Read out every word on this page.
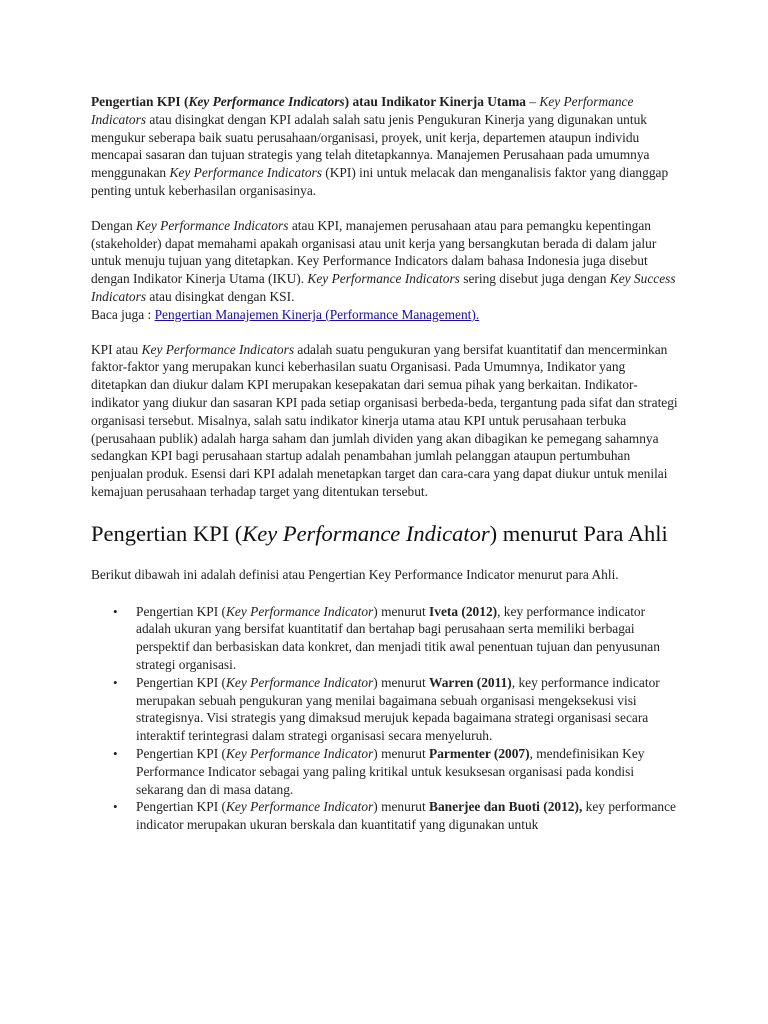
Pengertian KPI (Key Performance Indicators) atau Indikator Kinerja Utama – Key Performance Indicators atau disingkat dengan KPI adalah salah satu jenis Pengukuran Kinerja yang digunakan untuk mengukur seberapa baik suatu perusahaan/organisasi, proyek, unit kerja, departemen ataupun individu mencapai sasaran dan tujuan strategis yang telah ditetapkannya. Manajemen Perusahaan pada umumnya menggunakan Key Performance Indicators (KPI) ini untuk melacak dan menganalisis faktor yang dianggap penting untuk keberhasilan organisasinya.

Dengan Key Performance Indicators atau KPI, manajemen perusahaan atau para pemangku kepentingan (stakeholder) dapat memahami apakah organisasi atau unit kerja yang bersangkutan berada di dalam jalur untuk menuju tujuan yang ditetapkan. Key Performance Indicators dalam bahasa Indonesia juga disebut dengan Indikator Kinerja Utama (IKU). Key Performance Indicators sering disebut juga dengan Key Success Indicators atau disingkat dengan KSI.
Baca juga : Pengertian Manajemen Kinerja (Performance Management).

KPI atau Key Performance Indicators adalah suatu pengukuran yang bersifat kuantitatif dan mencerminkan faktor-faktor yang merupakan kunci keberhasilan suatu Organisasi. Pada Umumnya, Indikator yang ditetapkan dan diukur dalam KPI merupakan kesepakatan dari semua pihak yang berkaitan. Indikator-indikator yang diukur dan sasaran KPI pada setiap organisasi berbeda-beda, tergantung pada sifat dan strategi organisasi tersebut. Misalnya, salah satu indikator kinerja utama atau KPI untuk perusahaan terbuka (perusahaan publik) adalah harga saham dan jumlah dividen yang akan dibagikan ke pemegang sahamnya sedangkan KPI bagi perusahaan startup adalah penambahan jumlah pelanggan ataupun pertumbuhan penjualan produk. Esensi dari KPI adalah menetapkan target dan cara-cara yang dapat diukur untuk menilai kemajuan perusahaan terhadap target yang ditentukan tersebut.

Pengertian KPI (Key Performance Indicator) menurut Para Ahli

Berikut dibawah ini adalah definisi atau Pengertian Key Performance Indicator menurut para Ahli.

• Pengertian KPI (Key Performance Indicator) menurut Iveta (2012), key performance indicator adalah ukuran yang bersifat kuantitatif dan bertahap bagi perusahaan serta memiliki berbagai perspektif dan berbasiskan data konkret, dan menjadi titik awal penentuan tujuan dan penyusunan strategi organisasi.
• Pengertian KPI (Key Performance Indicator) menurut Warren (2011), key performance indicator merupakan sebuah pengukuran yang menilai bagaimana sebuah organisasi mengeksekusi visi strategisnya. Visi strategis yang dimaksud merujuk kepada bagaimana strategi organisasi secara interaktif terintegrasi dalam strategi organisasi secara menyeluruh.
• Pengertian KPI (Key Performance Indicator) menurut Parmenter (2007), mendefinisikan Key Performance Indicator sebagai yang paling kritikal untuk kesuksesan organisasi pada kondisi sekarang dan di masa datang.
• Pengertian KPI (Key Performance Indicator) menurut Banerjee dan Buoti (2012), key performance indicator merupakan ukuran berskala dan kuantitatif yang digunakan untuk
